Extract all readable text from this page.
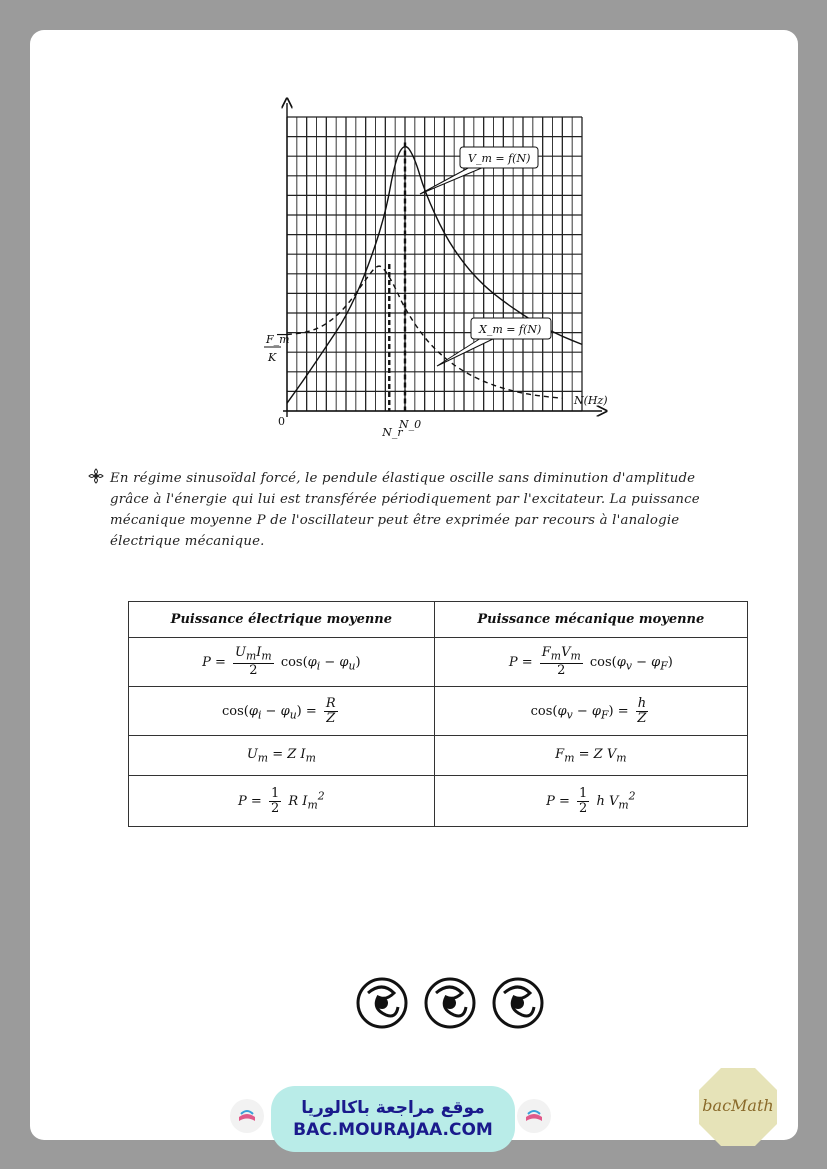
0
N_r
N_0
F_m
K
N(Hz)
V_m = f(N)
X_m = f(N)
En régime sinusoïdal forcé, le pendule élastique oscille sans diminution d'amplitude
grâce à l'énergie qui lui est transférée périodiquement par l'excitateur. La puissance
mécanique moyenne P de l'oscillateur peut être exprimée par recours à l'analogie
électrique mécanique.
Puissance électrique moyenne	Puissance mécanique moyenne
$P = \frac{U_mI_m}{2} \cos(\varphi_i - \varphi_u)$	$P = \frac{F_mV_m}{2} \cos(\varphi_v - \varphi_F)$
$\cos(\varphi_i - \varphi_u) = \frac{R}{Z}$	$\cos(\varphi_v - \varphi_F) = \frac{h}{Z}$

$U_m = Z$ $I_m$	$F_m = Z$ $V_m$
$P = \frac{1}{2}$ R $I_m^2$	$P = \frac{1}{2}$ h $V_m^2$
موقع مراجعة باكالوريا
BAC.MOURAJAA.COM
bacMath
